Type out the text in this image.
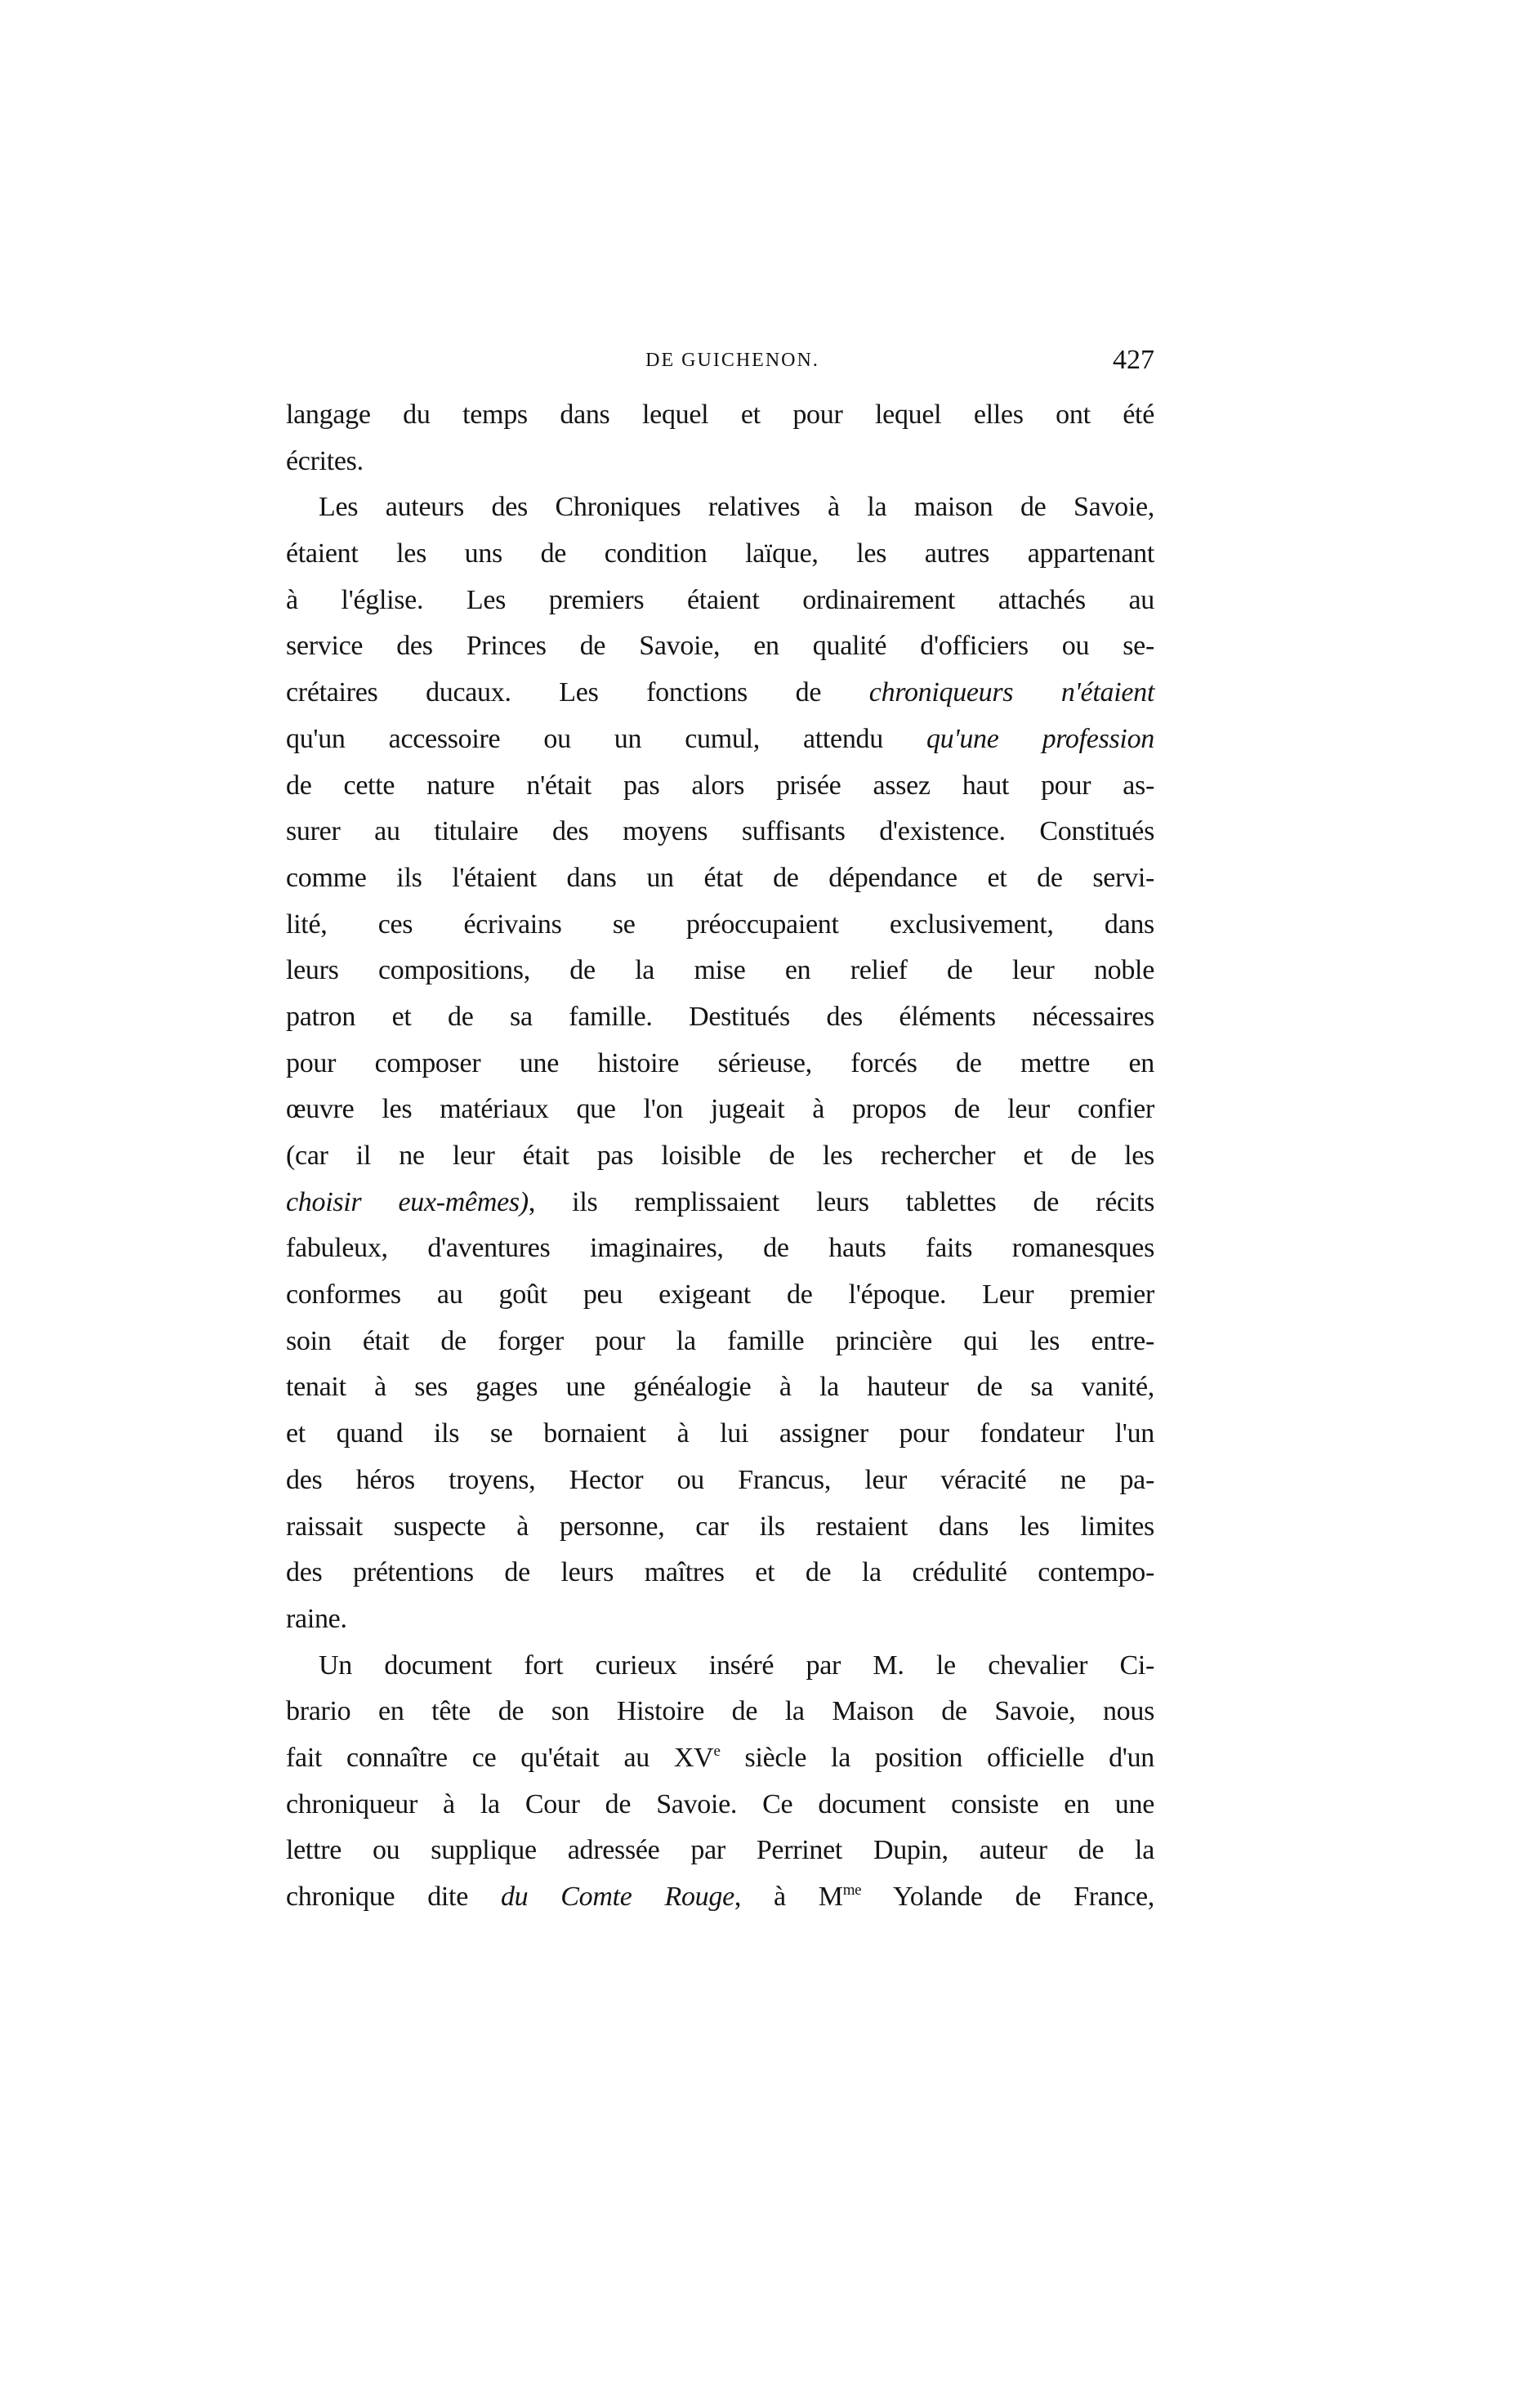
DE GUICHENON.	427
langage du temps dans lequel et pour lequel elles ont été
écrites.
Les auteurs des Chroniques relatives à la maison de Savoie,
étaient les uns de condition laïque, les autres appartenant
à l'église. Les premiers étaient ordinairement attachés au
service des Princes de Savoie, en qualité d'officiers ou se-
crétaires ducaux. Les fonctions de chroniqueurs n'étaient
qu'un accessoire ou un cumul, attendu qu'une profession
de cette nature n'était pas alors prisée assez haut pour as-
surer au titulaire des moyens suffisants d'existence. Constitués
comme ils l'étaient dans un état de dépendance et de servi-
lité, ces écrivains se préoccupaient exclusivement, dans
leurs compositions, de la mise en relief de leur noble
patron et de sa famille. Destitués des éléments nécessaires
pour composer une histoire sérieuse, forcés de mettre en
œuvre les matériaux que l'on jugeait à propos de leur confier
(car il ne leur était pas loisible de les rechercher et de les
choisir eux-mêmes), ils remplissaient leurs tablettes de récits
fabuleux, d'aventures imaginaires, de hauts faits romanesques
conformes au goût peu exigeant de l'époque. Leur premier
soin était de forger pour la famille princière qui les entre-
tenait à ses gages une généalogie à la hauteur de sa vanité,
et quand ils se bornaient à lui assigner pour fondateur l'un
des héros troyens, Hector ou Francus, leur véracité ne pa-
raissait suspecte à personne, car ils restaient dans les limites
des prétentions de leurs maîtres et de la crédulité contempo-
raine.
Un document fort curieux inséré par M. le chevalier Ci-
brario en tête de son Histoire de la Maison de Savoie, nous
fait connaître ce qu'était au XVe siècle la position officielle d'un
chroniqueur à la Cour de Savoie. Ce document consiste en une
lettre ou supplique adressée par Perrinet Dupin, auteur de la
chronique dite du Comte Rouge, à $M^{me}$ Yolande de France,
